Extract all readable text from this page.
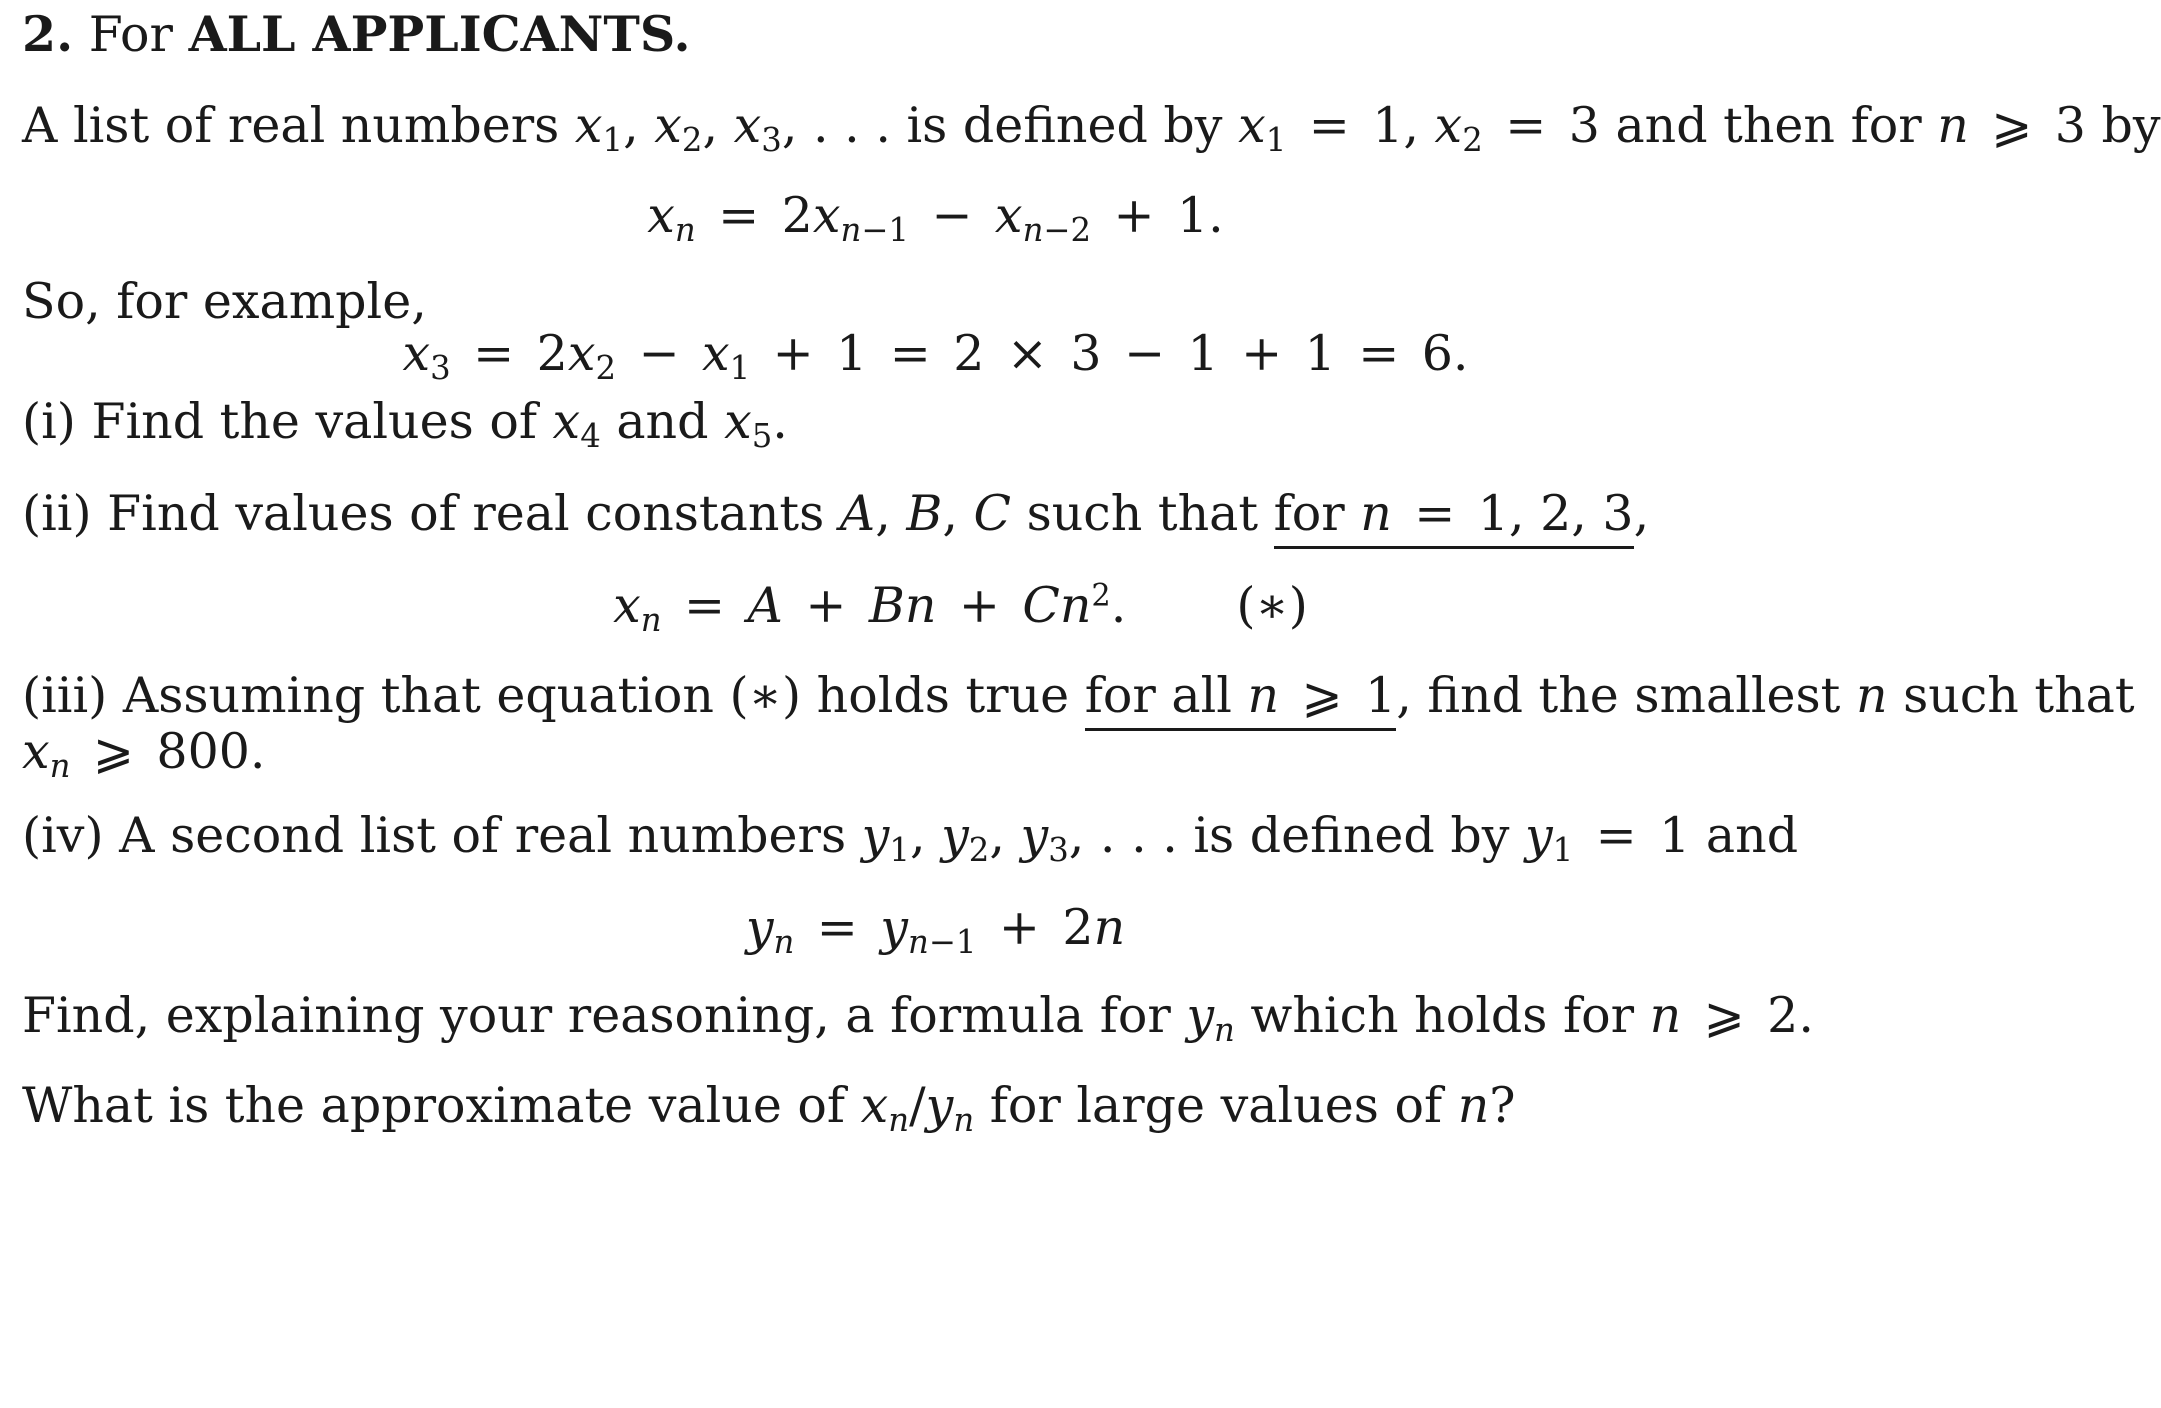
2. For ALL APPLICANTS.
A list of real numbers $x_1$, $x_2$, $x_3$, . . . is defined by $x_1 = 1$, $x_2 = 3$ and then for n ⩾ 3 by
$x_n = 2x_{n-1} - x_{n-2} + 1$.
So, for example,
$x_3 = 2x_2 - x_1 + 1 = 2 \times 3 - 1 + 1 = 6$.
(i) Find the values of $x_4$ and $x_5$.
(ii) Find values of real constants A, B, C such that for n = 1, 2, 3,
$x_n = A + Bn + Cn^2$. (∗)
(iii) Assuming that equation (∗) holds true for all n ⩾ 1, find the smallest n such that
$x_n$ ⩾ 800.
(iv) A second list of real numbers $y_1$, $y_2$, $y_3$, . . . is defined by $y_1 = 1$ and
$y_n = y_{n-1} + 2n$
Find, explaining your reasoning, a formula for $y_n$ which holds for n ⩾ 2.
What is the approximate value of $x_n/y_n$ for large values of n?
